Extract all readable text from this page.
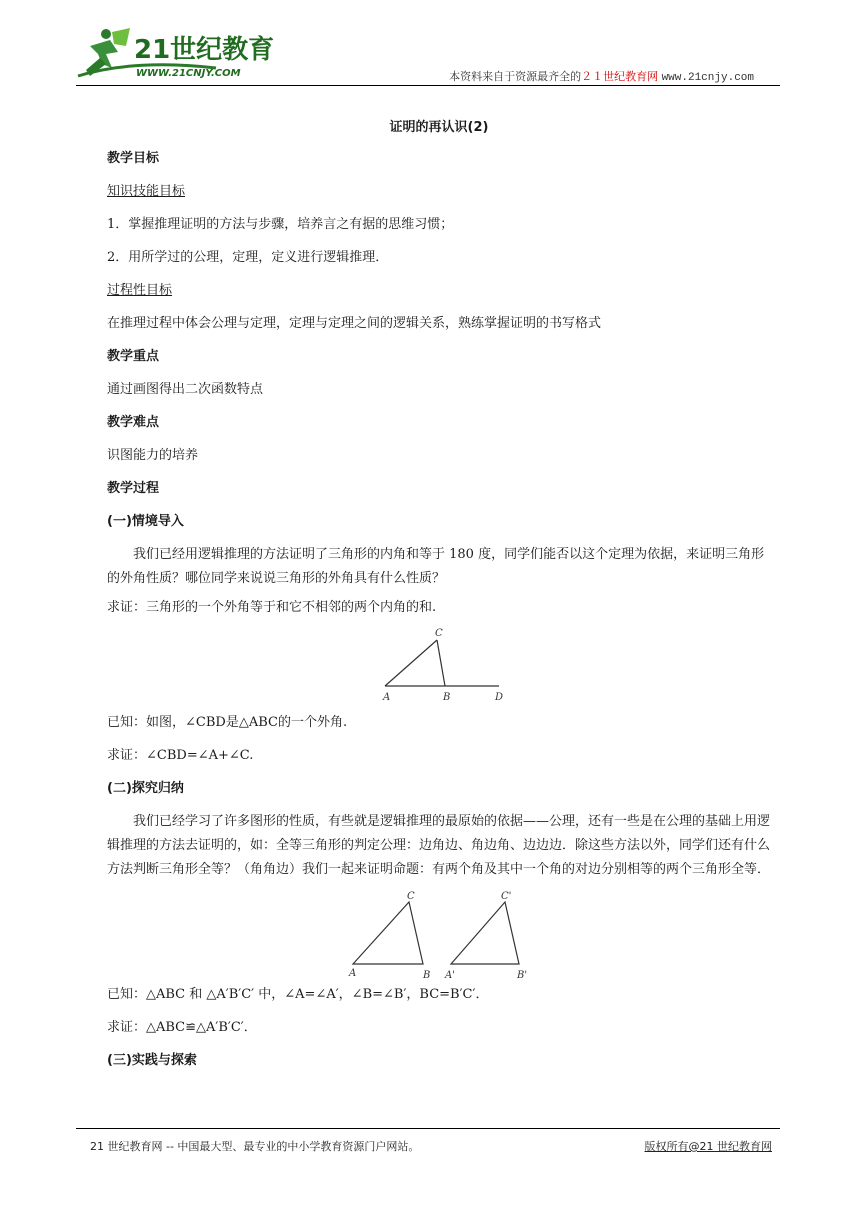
21世纪教育
WWW.21CNJY.COM	本资料来自于资源最齐全的２１世纪教育网 www.21cnjy.com
证明的再认识(2)
教学目标
知识技能目标
1．掌握推理证明的方法与步骤，培养言之有据的思维习惯；
2．用所学过的公理，定理，定义进行逻辑推理．
过程性目标
在推理过程中体会公理与定理，定理与定理之间的逻辑关系，熟练掌握证明的书写格式
教学重点
通过画图得出二次函数特点
教学难点
识图能力的培养
教学过程
(一)情境导入
　　我们已经用逻辑推理的方法证明了三角形的内角和等于 180 度，同学们能否以这个定理为依据，来证明三角形的外角性质？哪位同学来说说三角形的外角具有什么性质？
求证：三角形的一个外角等于和它不相邻的两个内角的和.
C
A	B	D
已知：如图，∠CBD是△ABC的一个外角.
求证：∠CBD=∠A+∠C.
(二)探究归纳
　　我们已经学习了许多图形的性质，有些就是逻辑推理的最原始的依据——公理，还有一些是在公理的基础上用逻辑推理的方法去证明的，如：全等三角形的判定公理：边角边、角边角、边边边．除这些方法以外，同学们还有什么方法判断三角形全等？（角角边）我们一起来证明命题：有两个角及其中一个角的对边分别相等的两个三角形全等．
C
A	B
C'
A'	B'
已知：△ABC 和 △A′B′C′ 中，∠A=∠A′，∠B=∠B′，BC=B′C′．
求证：△ABC≌△A′B′C′．
(三)实践与探索
21 世纪教育网 -- 中国最大型、最专业的中小学教育资源门户网站。	版权所有@21 世纪教育网
